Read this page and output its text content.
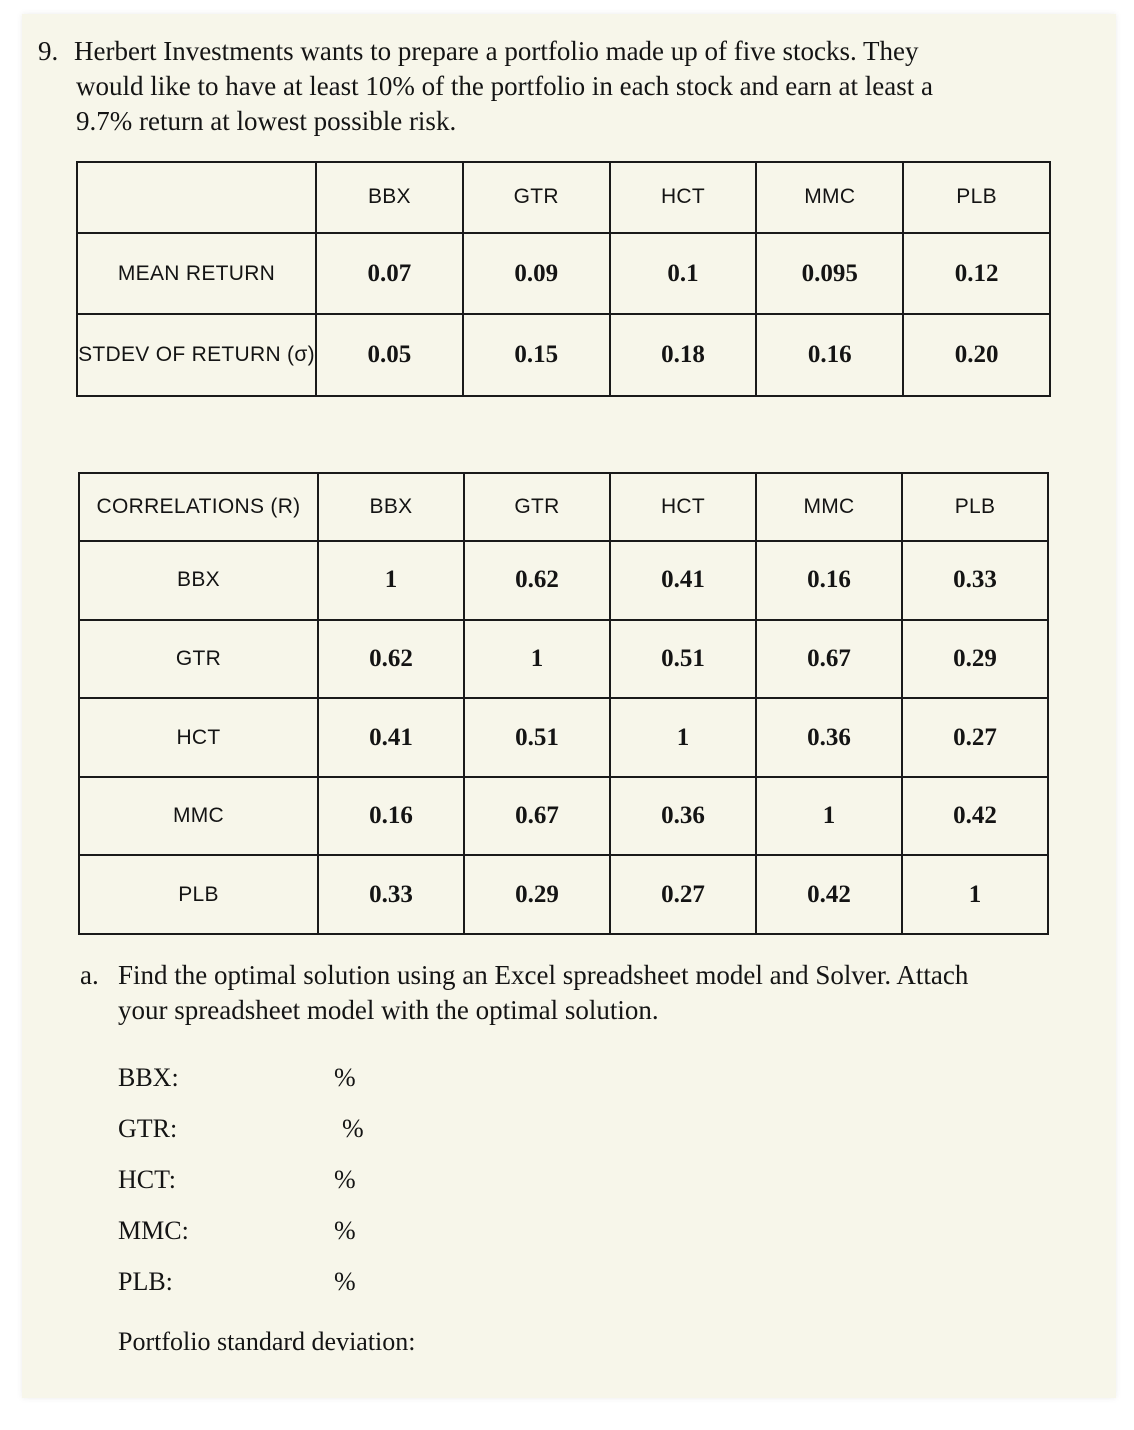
9. Herbert Investments wants to prepare a portfolio made up of five stocks. They
would like to have at least 10% of the portfolio in each stock and earn at least a
9.7% return at lowest possible risk.
	BBX	GTR	HCT	MMC	PLB
MEAN RETURN	0.07	0.09	0.1	0.095	0.12
STDEV OF RETURN (σ)	0.05	0.15	0.18	0.16	0.20
CORRELATIONS (R)	BBX	GTR	HCT	MMC	PLB
BBX	1	0.62	0.41	0.16	0.33
GTR	0.62	1	0.51	0.67	0.29
HCT	0.41	0.51	1	0.36	0.27
MMC	0.16	0.67	0.36	1	0.42
PLB	0.33	0.29	0.27	0.42	1
a. Find the optimal solution using an Excel spreadsheet model and Solver. Attach
your spreadsheet model with the optimal solution.
BBX:	%
GTR:	%
HCT:	%
MMC:	%
PLB:	%
Portfolio standard deviation:
